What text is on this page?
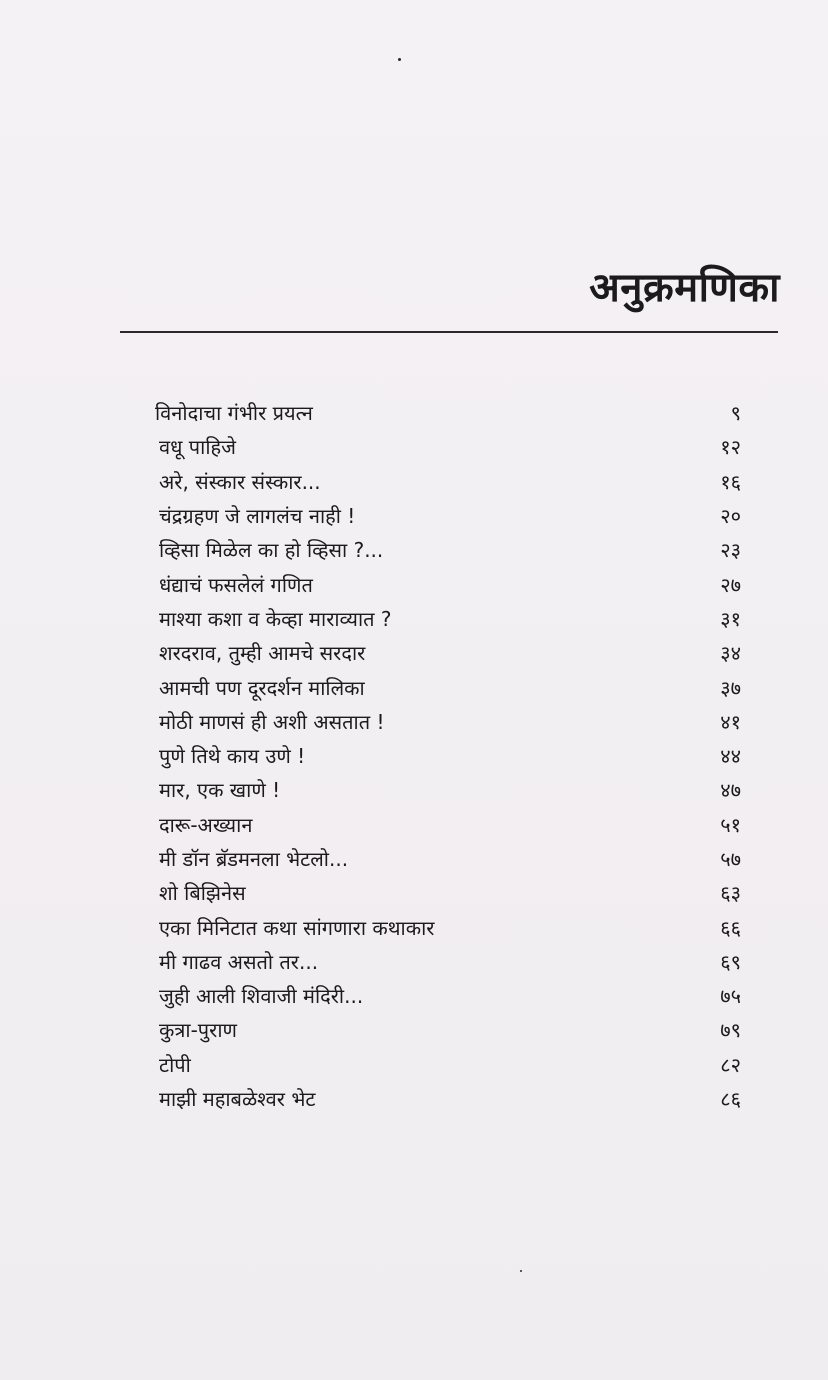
अनुक्रमणिका
विनोदाचा गंभीर प्रयत्न	९
वधू पाहिजे	१२
अरे, संस्कार संस्कार...	१६
चंद्रग्रहण जे लागलंच नाही !	२०
व्हिसा मिळेल का हो व्हिसा ?...	२३
धंद्याचं फसलेलं गणित	२७
माश्या कशा व केव्हा माराव्यात ?	३१
शरदराव, तुम्ही आमचे सरदार	३४
आमची पण दूरदर्शन मालिका	३७
मोठी माणसं ही अशी असतात !	४१
पुणे तिथे काय उणे !	४४
मार, एक खाणे !	४७
दारू-अख्यान	५१
मी डॉन ब्रॅडमनला भेटलो...	५७
शो बिझिनेस	६३
एका मिनिटात कथा सांगणारा कथाकार	६६
मी गाढव असतो तर...	६९
जुही आली शिवाजी मंदिरी...	७५
कुत्रा-पुराण	७९
टोपी	८२
माझी महाबळेश्वर भेट	८६
